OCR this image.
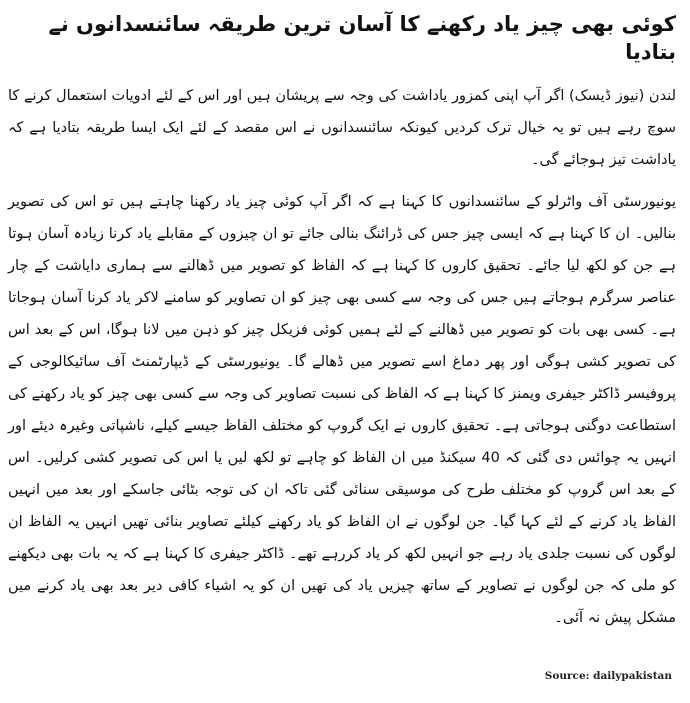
کوئی بھی چیز یاد رکھنے کا آسان ترین طریقہ سائنسدانوں نے بتادیا

لندن (نیوز ڈیسک) اگر آپ اپنی کمزور یاداشت کی وجہ سے پریشان ہیں اور اس کے لئے ادویات استعمال کرنے کا سوچ رہے ہیں تو یہ خیال ترک کردیں کیونکہ سائنسدانوں نے اس مقصد کے لئے ایک ایسا طریقہ بتادیا ہے کہ یاداشت تیز ہوجائے گی۔

یونیورسٹی آف واٹرلو کے سائنسدانوں کا کہنا ہے کہ اگر آپ کوئی چیز یاد رکھنا چاہتے ہیں تو اس کی تصویر بنالیں۔ ان کا کہنا ہے کہ ایسی چیز جس کی ڈرائنگ بنالی جائے تو ان چیزوں کے مقابلے یاد کرنا زیادہ آسان ہوتا ہے جن کو لکھ لیا جائے۔ تحقیق کاروں کا کہنا ہے کہ الفاظ کو تصویر میں ڈھالنے سے ہماری دایاشت کے چار عناصر سرگرم ہوجاتے ہیں جس کی وجہ سے کسی بھی چیز کو ان تصاویر کو سامنے لاکر یاد کرنا آسان ہوجاتا ہے۔ کسی بھی بات کو تصویر میں ڈھالنے کے لئے ہمیں کوئی فزیکل چیز کو ذہن میں لانا ہوگا، اس کے بعد اس کی تصویر کشی ہوگی اور پھر دماغ اسے تصویر میں ڈھالے گا۔ یونیورسٹی کے ڈیپارٹمنٹ آف سائیکالوجی کے پروفیسر ڈاکٹر جیفری ویمنز کا کہنا ہے کہ الفاظ کی نسبت تصاویر کی وجہ سے کسی بھی چیز کو یاد رکھنے کی استطاعت دوگنی ہوجاتی ہے۔ تحقیق کاروں نے ایک گروپ کو مختلف الفاظ جیسے کیلے، ناشپاتی وغیرہ دیئے اور انہیں یہ چوائس دی گئی کہ 40 سیکنڈ میں ان الفاظ کو چاہے تو لکھ لیں یا اس کی تصویر کشی کرلیں۔ اس کے بعد اس گروپ کو مختلف طرح کی موسیقی سنائی گئی تاکہ ان کی توجہ بٹائی جاسکے اور بعد میں انہیں الفاظ یاد کرنے کے لئے کہا گیا۔ جن لوگوں نے ان الفاظ کو یاد رکھنے کیلئے تصاویر بنائی تھیں انہیں یہ الفاظ ان لوگوں کی نسبت جلدی یاد رہے جو انہیں لکھ کر یاد کررہے تھے۔ ڈاکٹر جیفری کا کہنا ہے کہ یہ بات بھی دیکھنے کو ملی کہ جن لوگوں نے تصاویر کے ساتھ چیزیں یاد کی تھیں ان کو یہ اشیاء کافی دیر بعد بھی یاد کرنے میں مشکل پیش نہ آئی۔

Source: dailypakistan
